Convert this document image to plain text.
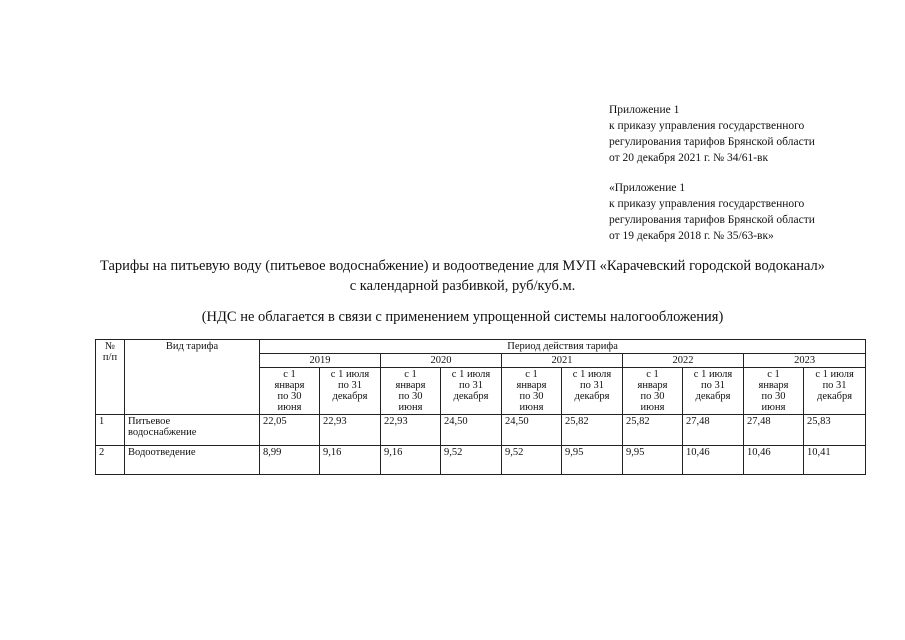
Приложение 1
к приказу управления государственного
регулирования тарифов Брянской области
от 20 декабря 2021 г. № 34/61-вк
«Приложение 1
к приказу управления государственного
регулирования тарифов Брянской области
от 19 декабря 2018 г. № 35/63-вк»
Тарифы на питьевую воду (питьевое водоснабжение) и водоотведение для МУП «Карачевский городской водоканал»
с календарной разбивкой, руб/куб.м.
(НДС не облагается в связи с применением упрощенной системы налогообложения)
№
п/п	Вид тарифа	Период действия тарифа									
		2019		2020		2021		2022		2023	

		с 1
января
по 30
июня	с 1 июля
по 31
декабря	с 1
января
по 30
июня	с 1 июля
по 31
декабря	с 1
января
по 30
июня	с 1 июля
по 31
декабря	с 1
января
по 30
июня	с 1 июля
по 31
декабря	с 1
января
по 30
июня	с 1 июля
по 31
декабря

1	Питьевое
водоснабжение	22,05	22,93	22,93	24,50	24,50	25,82	25,82	27,48	27,48	25,83
2	Водоотведение	8,99	9,16	9,16	9,52	9,52	9,95	9,95	10,46	10,46	10,41
